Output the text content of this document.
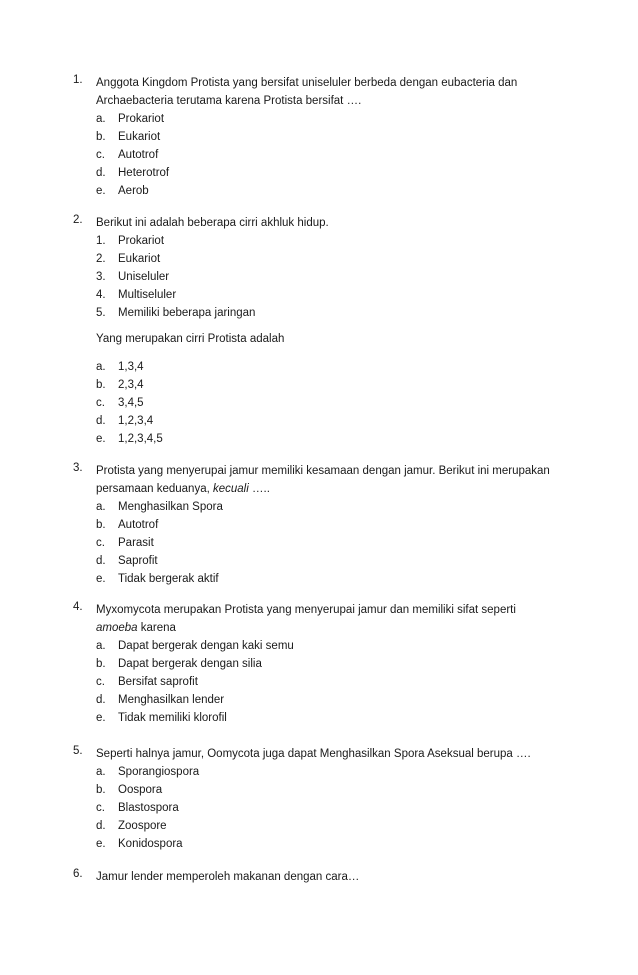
1. Anggota Kingdom Protista yang bersifat uniseluler berbeda dengan eubacteria dan
Archaebacteria terutama karena Protista bersifat ….
a. Prokariot
b. Eukariot
c. Autotrof
d. Heterotrof
e. Aerob
2. Berikut ini adalah beberapa cirri akhluk hidup.
1. Prokariot
2. Eukariot
3. Uniseluler
4. Multiseluler
5. Memiliki beberapa jaringan
Yang merupakan cirri Protista adalah
a. 1,3,4
b. 2,3,4
c. 3,4,5
d. 1,2,3,4
e. 1,2,3,4,5
3. Protista yang menyerupai jamur memiliki kesamaan dengan jamur. Berikut ini merupakan
persamaan keduanya, kecuali …..
a. Menghasilkan Spora
b. Autotrof
c. Parasit
d. Saprofit
e. Tidak bergerak aktif
4. Myxomycota merupakan Protista yang menyerupai jamur dan memiliki sifat seperti
amoeba karena
a. Dapat bergerak dengan kaki semu
b. Dapat bergerak dengan silia
c. Bersifat saprofit
d. Menghasilkan lender
e. Tidak memiliki klorofil
5. Seperti halnya jamur, Oomycota juga dapat Menghasilkan Spora Aseksual berupa ….
a. Sporangiospora
b. Oospora
c. Blastospora
d. Zoospore
e. Konidospora
6. Jamur lender memperoleh makanan dengan cara…
